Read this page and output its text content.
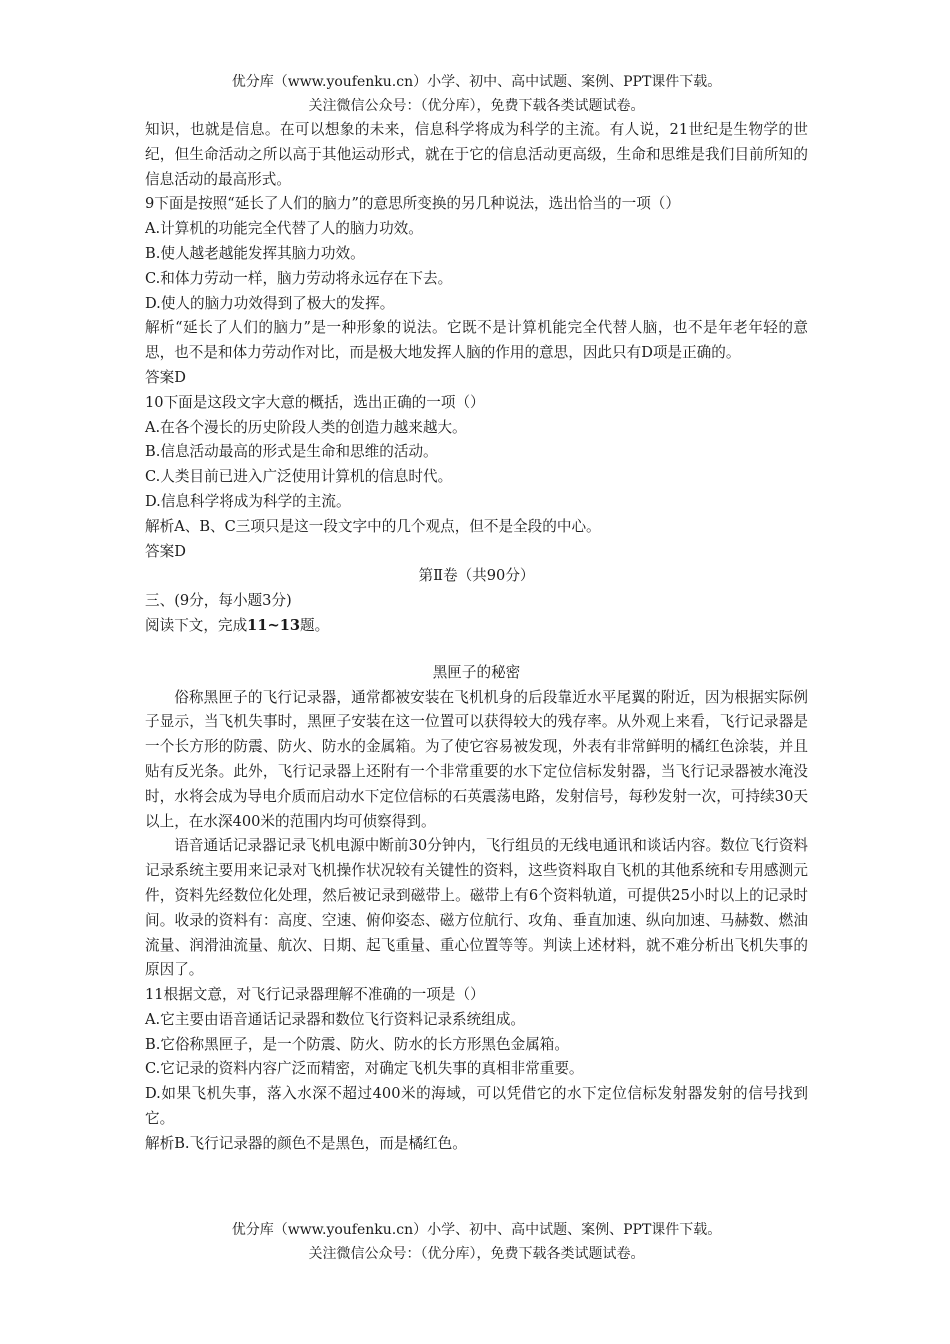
优分库（www.youfenku.cn）小学、初中、高中试题、案例、PPT课件下载。

关注微信公众号：（优分库），免费下载各类试题试卷。

知识，也就是信息。在可以想象的未来，信息科学将成为科学的主流。有人说，21世纪是生物学的世纪，但生命活动之所以高于其他运动形式，就在于它的信息活动更高级，生命和思维是我们目前所知的信息活动的最高形式。

9下面是按照“延长了人们的脑力”的意思所变换的另几种说法，选出恰当的一项（）

A.计算机的功能完全代替了人的脑力功效。

B.使人越老越能发挥其脑力功效。

C.和体力劳动一样，脑力劳动将永远存在下去。

D.使人的脑力功效得到了极大的发挥。

解析“延长了人们的脑力”是一种形象的说法。它既不是计算机能完全代替人脑，也不是年老年轻的意思，也不是和体力劳动作对比，而是极大地发挥人脑的作用的意思，因此只有D项是正确的。

答案D

10下面是这段文字大意的概括，选出正确的一项（）

A.在各个漫长的历史阶段人类的创造力越来越大。

B.信息活动最高的形式是生命和思维的活动。

C.人类目前已进入广泛使用计算机的信息时代。

D.信息科学将成为科学的主流。

解析A、B、C三项只是这一段文字中的几个观点，但不是全段的中心。

答案D

第Ⅱ卷（共90分）

三、(9分，每小题3分)

阅读下文，完成11~13题。

黑匣子的秘密

俗称黑匣子的飞行记录器，通常都被安装在飞机机身的后段靠近水平尾翼的附近，因为根据实际例子显示，当飞机失事时，黑匣子安装在这一位置可以获得较大的残存率。从外观上来看，飞行记录器是一个长方形的防震、防火、防水的金属箱。为了使它容易被发现，外表有非常鲜明的橘红色涂装，并且贴有反光条。此外，飞行记录器上还附有一个非常重要的水下定位信标发射器，当飞行记录器被水淹没时，水将会成为导电介质而启动水下定位信标的石英震荡电路，发射信号，每秒发射一次，可持续30天以上，在水深400米的范围内均可侦察得到。

语音通话记录器记录飞机电源中断前30分钟内，飞行组员的无线电通讯和谈话内容。数位飞行资料记录系统主要用来记录对飞机操作状况较有关键性的资料，这些资料取自飞机的其他系统和专用感测元件，资料先经数位化处理，然后被记录到磁带上。磁带上有6个资料轨道，可提供25小时以上的记录时间。收录的资料有：高度、空速、俯仰姿态、磁方位航行、攻角、垂直加速、纵向加速、马赫数、燃油流量、润滑油流量、航次、日期、起飞重量、重心位置等等。判读上述材料，就不难分析出飞机失事的原因了。

11根据文意，对飞行记录器理解不准确的一项是（）

A.它主要由语音通话记录器和数位飞行资料记录系统组成。

B.它俗称黑匣子，是一个防震、防火、防水的长方形黑色金属箱。

C.它记录的资料内容广泛而精密，对确定飞机失事的真相非常重要。

D.如果飞机失事，落入水深不超过400米的海域，可以凭借它的水下定位信标发射器发射的信号找到它。

解析B.飞行记录器的颜色不是黑色，而是橘红色。

优分库（www.youfenku.cn）小学、初中、高中试题、案例、PPT课件下载。

关注微信公众号：（优分库），免费下载各类试题试卷。
